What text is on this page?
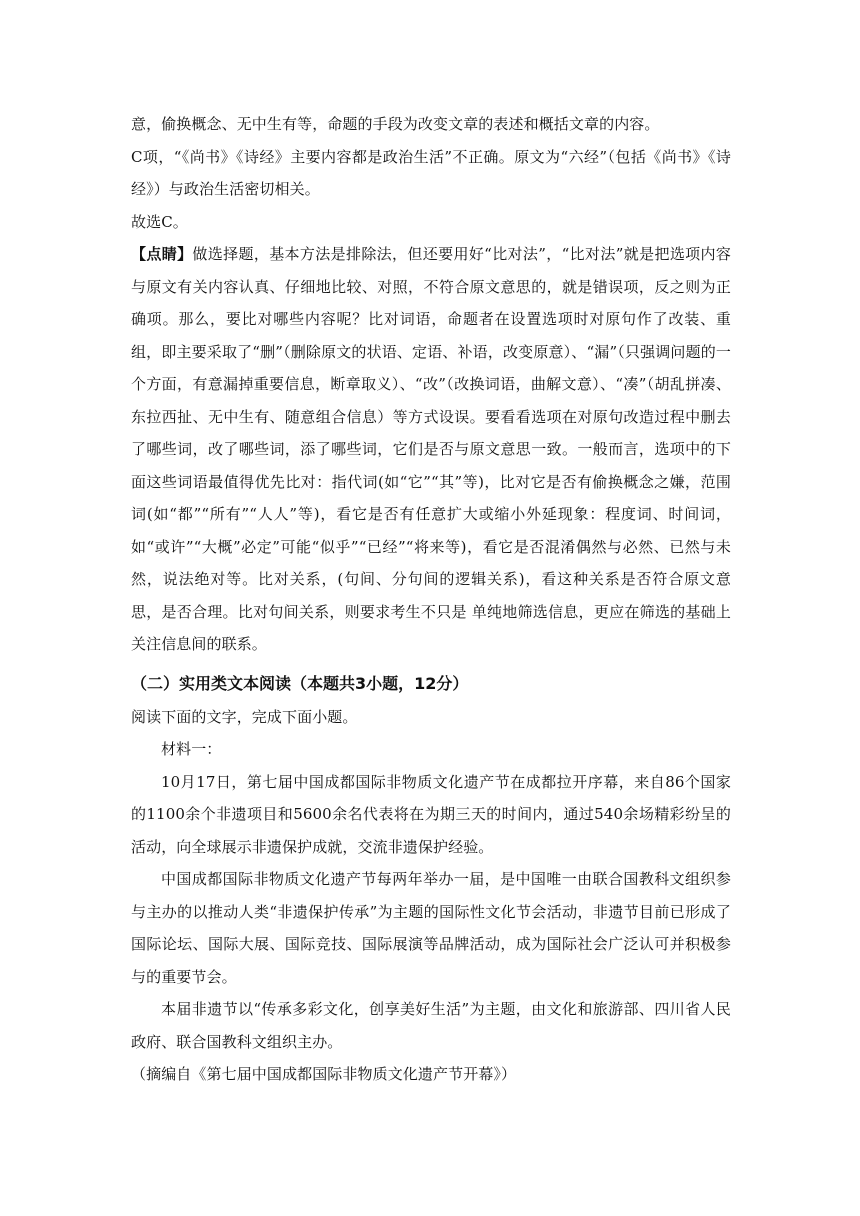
意，偷换概念、无中生有等，命题的手段为改变文章的表述和概括文章的内容。

C项，“《尚书》《诗经》主要内容都是政治生活”不正确。原文为“六经”（包括《尚书》《诗经》）与政治生活密切相关。

故选C。

【点睛】做选择题，基本方法是排除法，但还要用好“比对法”，“比对法”就是把选项内容与原文有关内容认真、仔细地比较、对照，不符合原文意思的，就是错误项，反之则为正确项。那么，要比对哪些内容呢？比对词语，命题者在设置选项时对原句作了改装、重组，即主要采取了“删”（删除原文的状语、定语、补语，改变原意）、“漏”（只强调问题的一个方面，有意漏掉重要信息，断章取义）、“改”（改换词语，曲解文意）、“凑”（胡乱拼凑、东拉西扯、无中生有、随意组合信息）等方式设误。要看看选项在对原句改造过程中删去了哪些词，改了哪些词，添了哪些词，它们是否与原文意思一致。一般而言，选项中的下面这些词语最值得优先比对：指代词(如“它”“其”等)，比对它是否有偷换概念之嫌，范围词(如“都”“所有”“人人”等)，看它是否有任意扩大或缩小外延现象：程度词、时间词，如“或许”“大概”必定”可能“似乎”“已经”“将来等)，看它是否混淆偶然与必然、已然与未然，说法绝对等。比对关系，(句间、分句间的逻辑关系)，看这种关系是否符合原文意思，是否合理。比对句间关系，则要求考生不只是 单纯地筛选信息，更应在筛选的基础上关注信息间的联系。

（二）实用类文本阅读（本题共3小题，12分）

阅读下面的文字，完成下面小题。

材料一：

10月17日，第七届中国成都国际非物质文化遗产节在成都拉开序幕，来自86个国家的1100余个非遗项目和5600余名代表将在为期三天的时间内，通过540余场精彩纷呈的活动，向全球展示非遗保护成就，交流非遗保护经验。

中国成都国际非物质文化遗产节每两年举办一届，是中国唯一由联合国教科文组织参与主办的以推动人类“非遗保护传承”为主题的国际性文化节会活动，非遗节目前已形成了国际论坛、国际大展、国际竞技、国际展演等品牌活动，成为国际社会广泛认可并积极参与的重要节会。

本届非遗节以“传承多彩文化，创享美好生活”为主题，由文化和旅游部、四川省人民政府、联合国教科文组织主办。

（摘编自《第七届中国成都国际非物质文化遗产节开幕》）
